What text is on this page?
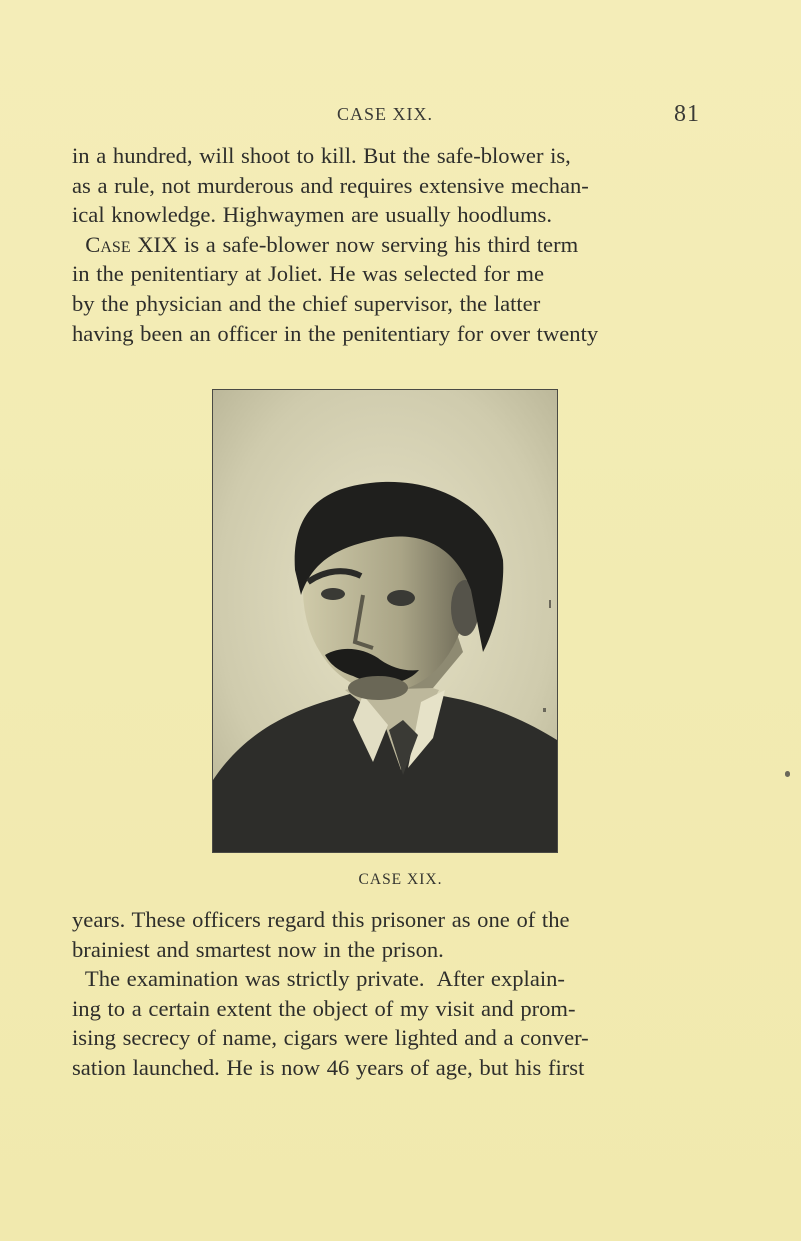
CASE XIX.	81
in a hundred, will shoot to kill. But the safe-blower is,
as a rule, not murderous and requires extensive mechan-
ical knowledge. Highwaymen are usually hoodlums.
Case XIX is a safe-blower now serving his third term
in the penitentiary at Joliet. He was selected for me
by the physician and the chief supervisor, the latter
having been an officer in the penitentiary for over twenty
CASE XIX.
years. These officers regard this prisoner as one of the
brainiest and smartest now in the prison.
The examination was strictly private.  After explain-
ing to a certain extent the object of my visit and prom-
ising secrecy of name, cigars were lighted and a conver-
sation launched. He is now 46 years of age, but his first
